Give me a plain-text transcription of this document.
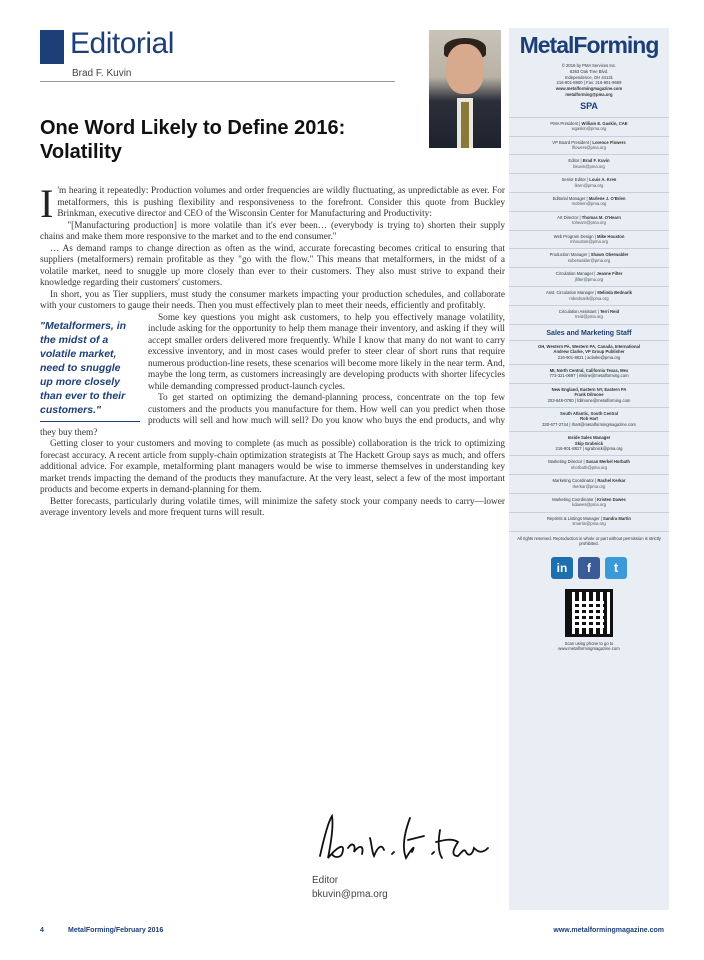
Editorial
Brad F. Kuvin
One Word Likely to Define 2016: Volatility

I 'm hearing it repeatedly: Production volumes and order frequencies are wildly fluctuating, as unpredictable as ever. For metalformers, this is pushing flexibility and responsiveness to the forefront. Consider this quote from Buckley Brinkman, executive director and CEO of the Wisconsin Center for Manufacturing and Productivity:

"[Manufacturing production] is more volatile than it's ever been… (everybody is trying to) shorten their supply chains and make them more responsive to the market and to the end consumer."

… As demand ramps to change direction as often as the wind, accurate forecasting becomes critical to ensuring that suppliers (metalformers) remain profitable as they "go with the flow." This means that metalformers, in the midst of a volatile market, need to snuggle up more closely than ever to their customers. They also must strive to expand their knowledge regarding their customers' customers.

In short, you as Tier suppliers, must study the consumer markets impacting your production schedules, and collaborate with your customers to gauge their needs. Then you must effectively plan to meet their needs, efficiently and profitably.

"Metalformers, in the midst of a volatile market, need to snuggle up more closely than ever to their customers."

Some key questions you might ask customers, to help you effectively manage volatility, include asking for the opportunity to help them manage their inventory, and asking if they will accept smaller orders delivered more frequently. While I know that many do not want to carry excessive inventory, and in most cases would prefer to steer clear of short runs that require numerous production-line resets, these scenarios will become more likely in the near term. And, maybe the long term, as customers increasingly are developing products with shorter lifecycles while demanding compressed product-launch cycles.

To get started on optimizing the demand-planning process, concentrate on the top few customers and the products you manufacture for them. How well can you predict when those products will sell and how much will sell? Do you know who buys the end products, and why they buy them?

Getting closer to your customers and moving to complete (as much as possible) collaboration is the trick to optimizing forecast accuracy. A recent article from supply-chain optimization strategists at The Hackett Group says as much, and offers additional advice. For example, metalforming plant managers would be wise to immerse themselves in understanding key market trends impacting the demand of the products they manufacture. At the very least, select a few of the most important products and become experts in demand-planning for them.

Better forecasts, particularly during volatile times, will minimize the safety stock your company needs to carry—lower average inventory levels and more frequent turns will result.

Editor
bkuvin@pma.org
4	MetalForming/February 2016	www.metalformingmagazine.com
MetalForming
© 2016 by PMA Services Inc.
6363 Oak Tree Blvd.
Independence, OH 44131
216-901-8800 | Fax: 216-901-9669
www.metalformingmagazine.com
metalforming@pma.org
SPA
PMA President | William E. Gaskin, CAE
wgaskin@pma.org
VP Board President | Lorence Flowers
lflowers@pma.org
Editor | Brad F. Kuvin
bkuvin@pma.org
Senior Editor | Louis A. Kren
lkren@pma.org
Editorial Manager | Marlene J. O'Brien
mobrien@pma.org
Art Director | Thomas M. O'Hearn
tohearn@pma.org
Web Program Design | Mike Houston
mhouston@pma.org
Production Manager | Shawn Oberwalder
soberwalder@pma.org
Circulation Manager | Jeanne Filter
jfilter@pma.org
Asst. Circulation Manager | Melinda Bednarik
mbednarik@pma.org
Circulation Assistant | Terri Reid
treid@pma.org
Sales and Marketing Staff
OH, Western PA, Western PA, Canada, International
Andrew Clarke, VP Group Publisher
216-901-8821 | aclarke@pma.org
MI, North Central, California Texas, Mex
773-321-0697 | mkline@metalforming.com
New England, Eastern NY, Eastern PA
Frank Dilmone
203-648-0780 | fdilmone@metalforming.com
South Atlantic, South Central
Rob Hart
330-677-2744 | rhart@metalformingmagazine.com
Inside Sales Manager
Skip Grabnick
216-901-8817 | sgrabnick@pma.org
Marketing Director | Susan Merkel Horbath
shorbath@pma.org
Marketing Coordinator | Rachel Kerkar
rkerkar@pma.org
Marketing Coordinator | Kristen Dawes
kdawes@pma.org
Reprints & Listings Manager | Sandra Martin
smartin@pma.org
All rights reserved. Reproduction in whole or part without permission is strictly prohibited.
in	f	t
Scan using phone to go to
www.metalformingmagazine.com
